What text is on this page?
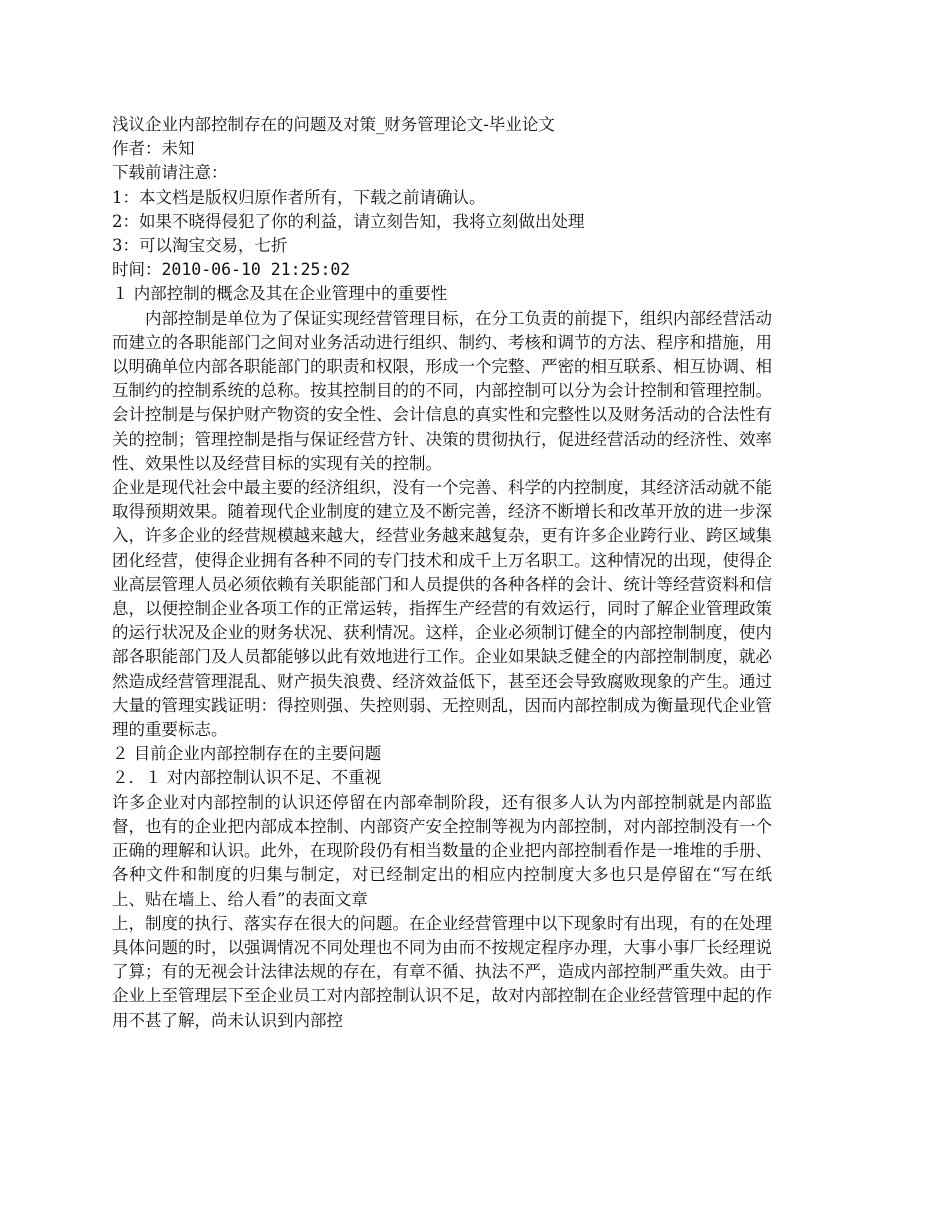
浅议企业内部控制存在的问题及对策_财务管理论文-毕业论文
作者：未知
下载前请注意：
1：本文档是版权归原作者所有，下载之前请确认。
2：如果不晓得侵犯了你的利益，请立刻告知，我将立刻做出处理
3：可以淘宝交易，七折
时间：2010-06-10 21:25:02
１ 内部控制的概念及其在企业管理中的重要性
内部控制是单位为了保证实现经营管理目标，在分工负责的前提下，组织内部经营活动而建立的各职能部门之间对业务活动进行组织、制约、考核和调节的方法、程序和措施，用以明确单位内部各职能部门的职责和权限，形成一个完整、严密的相互联系、相互协调、相互制约的控制系统的总称。按其控制目的的不同，内部控制可以分为会计控制和管理控制。会计控制是与保护财产物资的安全性、会计信息的真实性和完整性以及财务活动的合法性有关的控制；管理控制是指与保证经营方针、决策的贯彻执行，促进经营活动的经济性、效率性、效果性以及经营目标的实现有关的控制。
企业是现代社会中最主要的经济组织，没有一个完善、科学的内控制度，其经济活动就不能取得预期效果。随着现代企业制度的建立及不断完善，经济不断增长和改革开放的进一步深入，许多企业的经营规模越来越大，经营业务越来越复杂，更有许多企业跨行业、跨区域集团化经营，使得企业拥有各种不同的专门技术和成千上万名职工。这种情况的出现，使得企业高层管理人员必须依赖有关职能部门和人员提供的各种各样的会计、统计等经营资料和信息，以便控制企业各项工作的正常运转，指挥生产经营的有效运行，同时了解企业管理政策的运行状况及企业的财务状况、获利情况。这样，企业必须制订健全的内部控制制度，使内部各职能部门及人员都能够以此有效地进行工作。企业如果缺乏健全的内部控制制度，就必然造成经营管理混乱、财产损失浪费、经济效益低下，甚至还会导致腐败现象的产生。通过大量的管理实践证明：得控则强、失控则弱、无控则乱，因而内部控制成为衡量现代企业管理的重要标志。
２ 目前企业内部控制存在的主要问题
２．１ 对内部控制认识不足、不重视
许多企业对内部控制的认识还停留在内部牵制阶段，还有很多人认为内部控制就是内部监督，也有的企业把内部成本控制、内部资产安全控制等视为内部控制，对内部控制没有一个正确的理解和认识。此外，在现阶段仍有相当数量的企业把内部控制看作是一堆堆的手册、各种文件和制度的归集与制定，对已经制定出的相应内控制度大多也只是停留在“写在纸上、贴在墙上、给人看”的表面文章
上，制度的执行、落实存在很大的问题。在企业经营管理中以下现象时有出现，有的在处理具体问题的时，以强调情况不同处理也不同为由而不按规定程序办理，大事小事厂长经理说了算；有的无视会计法律法规的存在，有章不循、执法不严，造成内部控制严重失效。由于企业上至管理层下至企业员工对内部控制认识不足，故对内部控制在企业经营管理中起的作用不甚了解，尚未认识到内部控
